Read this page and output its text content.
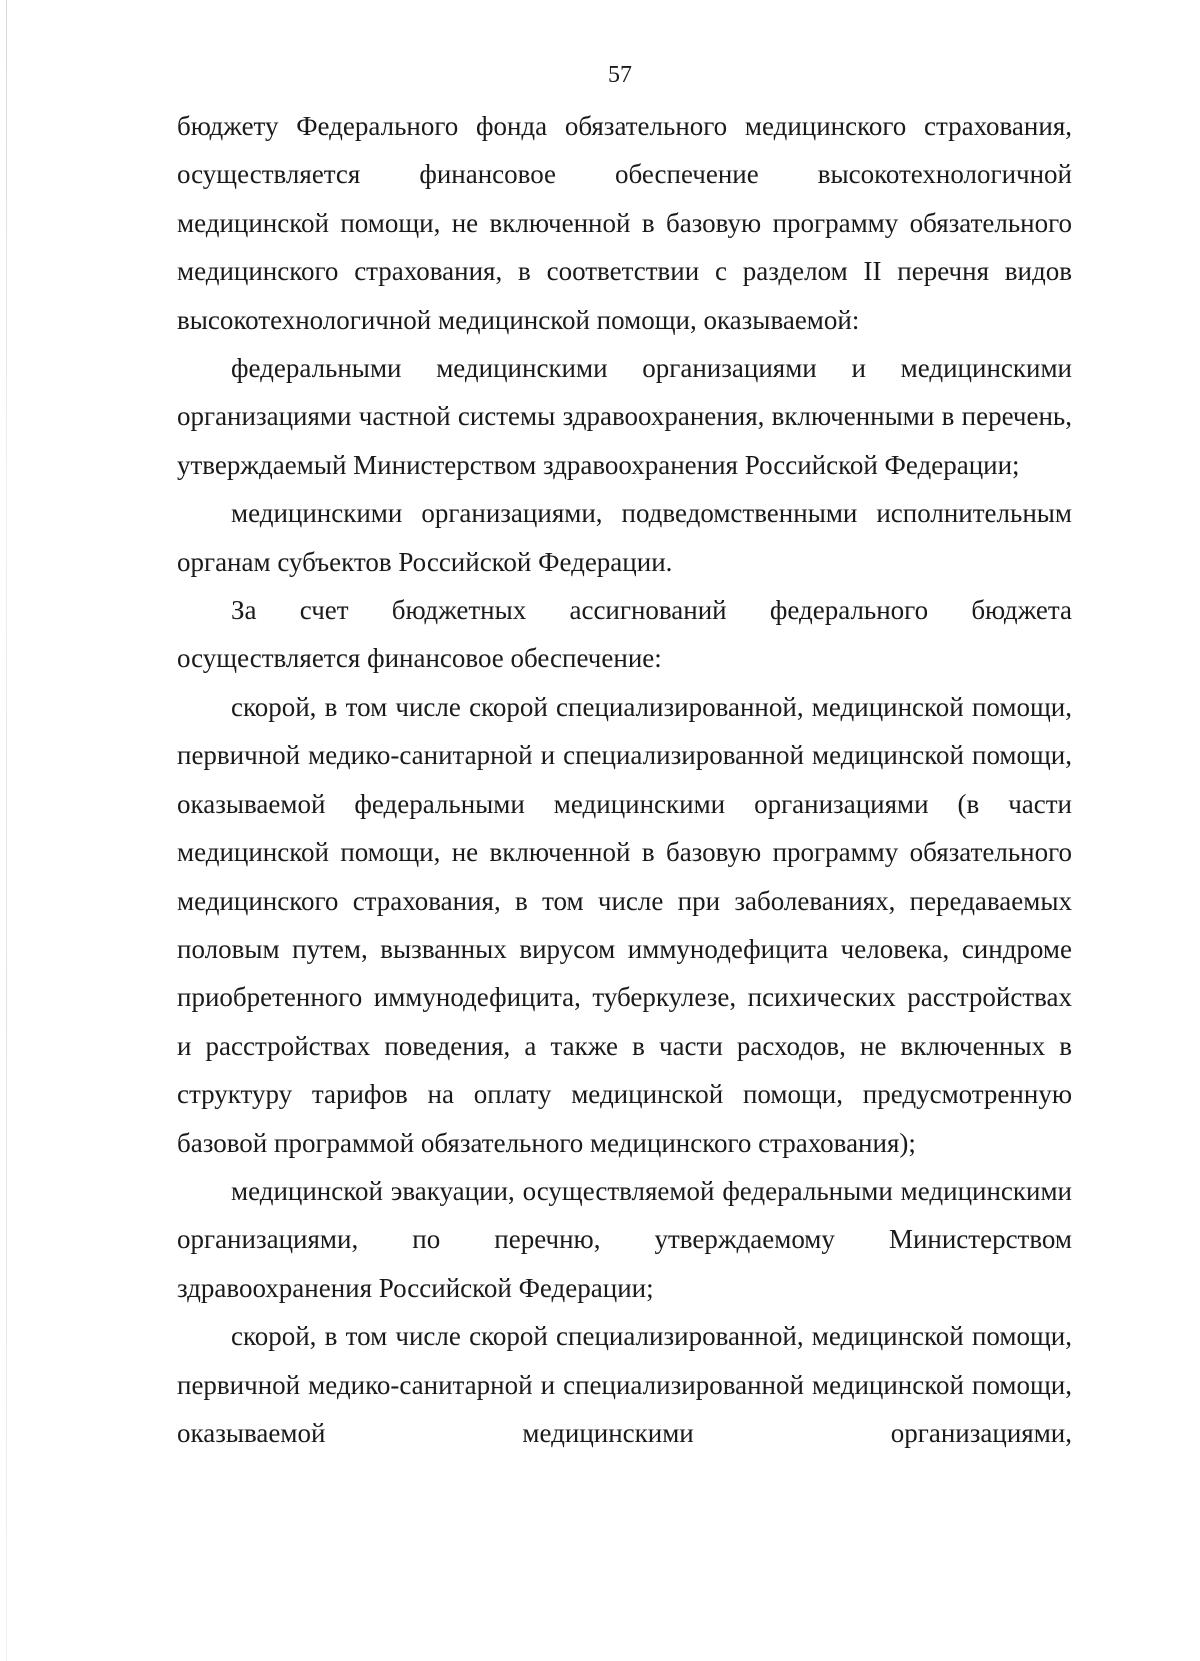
57

бюджету Федерального фонда обязательного медицинского страхования, осуществляется финансовое обеспечение высокотехнологичной медицинской помощи, не включенной в базовую программу обязательного медицинского страхования, в соответствии с разделом II перечня видов высокотехнологичной медицинской помощи, оказываемой:

федеральными медицинскими организациями и медицинскими организациями частной системы здравоохранения, включенными в перечень, утверждаемый Министерством здравоохранения Российской Федерации;

медицинскими организациями, подведомственными исполнительным органам субъектов Российской Федерации.

За счет бюджетных ассигнований федерального бюджета осуществляется финансовое обеспечение:

скорой, в том числе скорой специализированной, медицинской помощи, первичной медико-санитарной и специализированной медицинской помощи, оказываемой федеральными медицинскими организациями (в части медицинской помощи, не включенной в базовую программу обязательного медицинского страхования, в том числе при заболеваниях, передаваемых половым путем, вызванных вирусом иммунодефицита человека, синдроме приобретенного иммунодефицита, туберкулезе, психических расстройствах и расстройствах поведения, а также в части расходов, не включенных в структуру тарифов на оплату медицинской помощи, предусмотренную базовой программой обязательного медицинского страхования);

медицинской эвакуации, осуществляемой федеральными медицинскими организациями, по перечню, утверждаемому Министерством здравоохранения Российской Федерации;

скорой, в том числе скорой специализированной, медицинской помощи, первичной медико-санитарной и специализированной медицинской помощи, оказываемой медицинскими организациями,
